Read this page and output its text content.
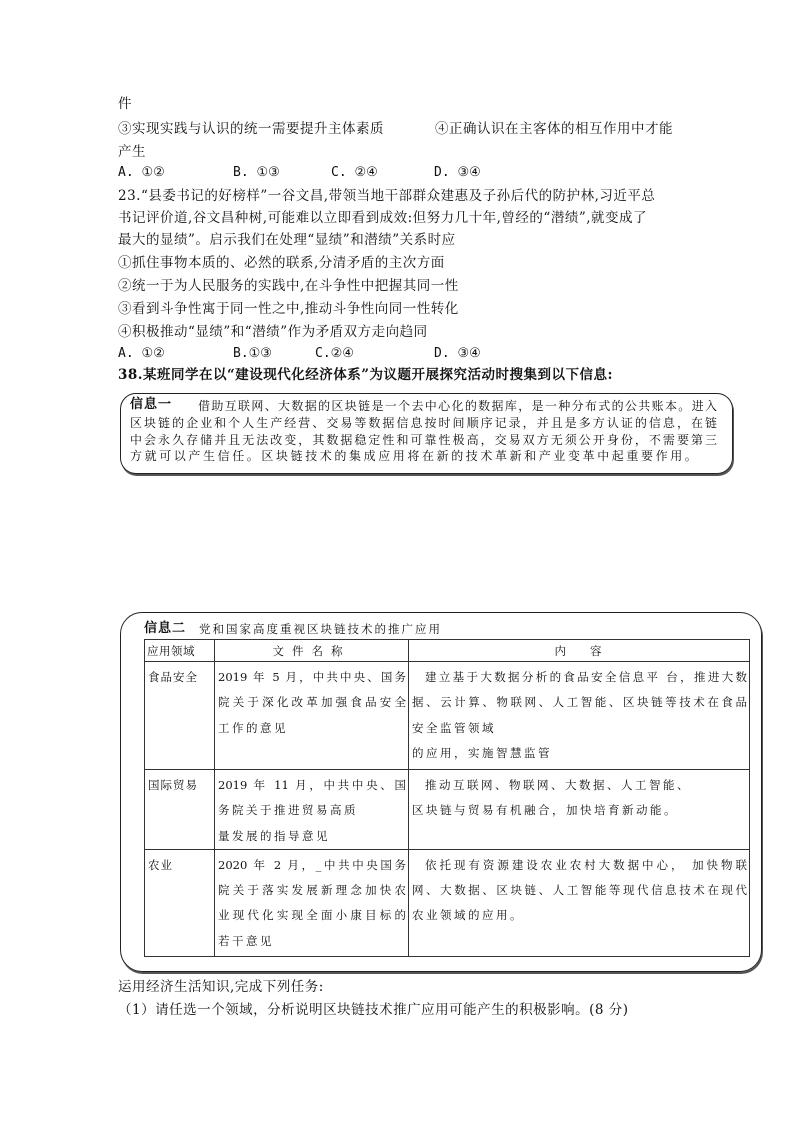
件
③实现实践与认识的统一需要提升主体素质	④正确认识在主客体的相互作用中才能
产生
A. ①②	B. ①③	C. ②④	D. ③④
23.“县委书记的好榜样”一谷文昌,带领当地干部群众建惠及子孙后代的防护林,习近平总
书记评价道,谷文昌种树,可能难以立即看到成效:但努力几十年,曾经的“潜绩”,就变成了
最大的显绩”。启示我们在处理“显绩”和潜绩”关系时应
①抓住事物本质的、必然的联系,分清矛盾的主次方面
②统一于为人民服务的实践中,在斗争性中把握其同一性
③看到斗争性寓于同一性之中,推动斗争性向同一性转化
④积极推动“显绩”和“潜绩”作为矛盾双方走向趋同
A. ①②	B.①③	C.②④	D. ③④
38.某班同学在以“建设现代化经济体系”为议题开展探究活动时搜集到以下信息:
信息一 借助互联网、大数据的区块链是一个去中心化的数据库，是一种分布式的公共账本。进入
区块链的企业和个人生产经营、交易等数据信息按时间顺序记录，并且是多方认证的信息，在链
中会永久存储并且无法改变，其数据稳定性和可靠性极高，交易双方无须公开身份，不需要第三
方就可以产生信任。区块链技术的集成应用将在新的技术革新和产业变革中起重要作用。
信息二 党和国家高度重视区块链技术的推广应用
应用领域	文件名称	内容
食品安全	2019 年 5 月，中共中央、国务
院关于深化改革加强食品安全
工作的意见	建立基于大数据分析的食品安全信息平 台，推进大数
据、云计算、物联网、人工智能、区块链等技术在食品
安全监管领域
的应用，实施智慧监管

国际贸易	2019 年 11 月，中共中央、国
务院关于推进贸易高质
量发展的指导意见	推动互联网、物联网、大数据、人工智能、
区块链与贸易有机融合，加快培育新动能。

农业	2020 年 2 月，_中共中央国务
院关于落实发展新理念加快农
业现代化实现全面小康目标的
若干意见	依托现有资源建设农业农村大数据中心， 加快物联
网、大数据、区块链、人工智能等现代信息技术在现代
农业领域的应用。
运用经济生活知识,完成下列任务:
（1）请任选一个领域，分析说明区块链技术推广应用可能产生的积极影响。(8 分)
